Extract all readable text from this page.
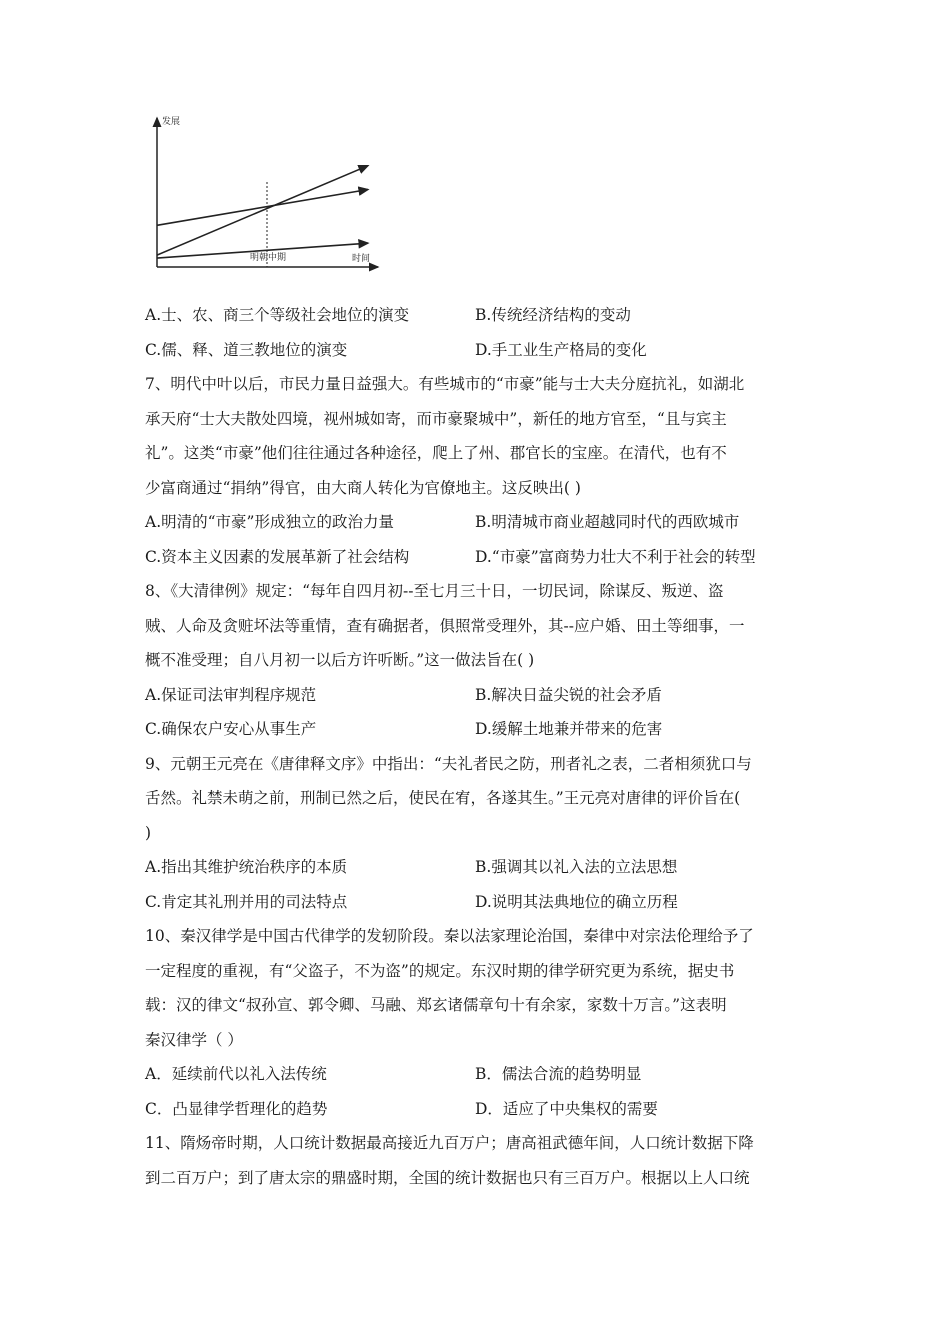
发展
时间
明朝中期
A.士、农、商三个等级社会地位的演变	B.传统经济结构的变动
C.儒、释、道三教地位的演变	D.手工业生产格局的变化
7、明代中叶以后，市民力量日益强大。有些城市的“市豪”能与士大夫分庭抗礼，如湖北
承天府“士大夫散处四境，视州城如寄，而市豪聚城中”，新任的地方官至，“且与宾主
礼”。这类“市豪”他们往往通过各种途径，爬上了州、郡官长的宝座。在清代，也有不
少富商通过“捐纳”得官，由大商人转化为官僚地主。这反映出( )
A.明清的“市豪”形成独立的政治力量	B.明清城市商业超越同时代的西欧城市
C.资本主义因素的发展革新了社会结构	D.“市豪”富商势力壮大不利于社会的转型
8、《大清律例》规定：“每年自四月初--至七月三十日，一切民词，除谋反、叛逆、盗
贼、人命及贪赃坏法等重情，查有确据者，俱照常受理外，其--应户婚、田土等细事，一
概不准受理；自八月初一以后方许听断。”这一做法旨在( )
A.保证司法审判程序规范	B.解决日益尖锐的社会矛盾
C.确保农户安心从事生产	D.缓解土地兼并带来的危害
9、元朝王元亮在《唐律释文序》中指出：“夫礼者民之防，刑者礼之表，二者相须犹口与
舌然。礼禁未萌之前，刑制已然之后，使民在宥，各遂其生。”王元亮对唐律的评价旨在(
)
A.指出其维护统治秩序的本质	B.强调其以礼入法的立法思想
C.肯定其礼刑并用的司法特点	D.说明其法典地位的确立历程
10、秦汉律学是中国古代律学的发轫阶段。秦以法家理论治国，秦律中对宗法伦理给予了
一定程度的重视，有“父盗子，不为盗”的规定。东汉时期的律学研究更为系统，据史书
载：汉的律文“叔孙宣、郭令卿、马融、郑玄诸儒章句十有余家，家数十万言。”这表明
秦汉律学（ ）
A．延续前代以礼入法传统	B．儒法合流的趋势明显
C．凸显律学哲理化的趋势	D．适应了中央集权的需要
11、隋炀帝时期，人口统计数据最高接近九百万户；唐高祖武德年间，人口统计数据下降
到二百万户；到了唐太宗的鼎盛时期，全国的统计数据也只有三百万户。根据以上人口统
